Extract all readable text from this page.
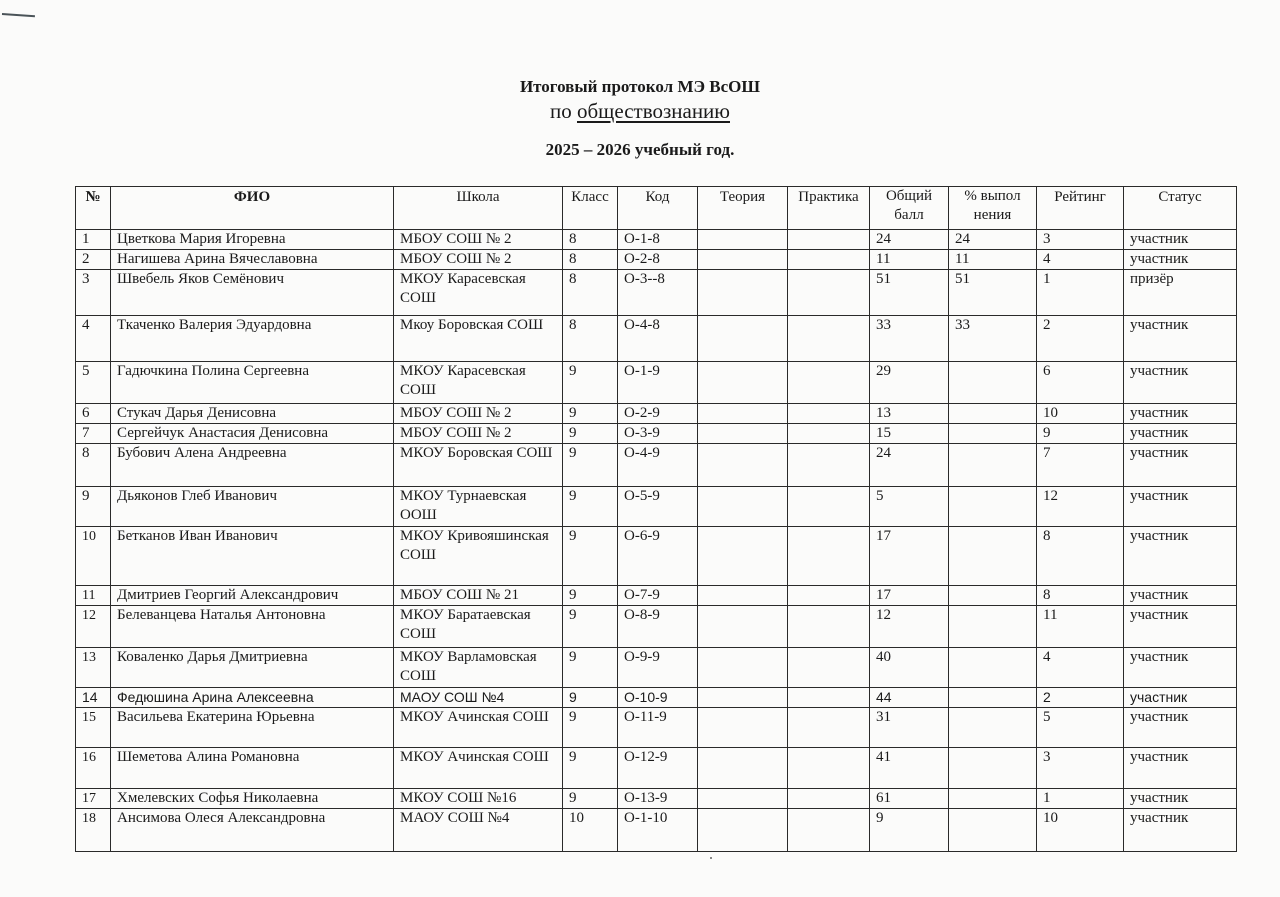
Итоговый протокол МЭ ВсОШ
по обществознанию
2025 – 2026 учебный год.
№	ФИО	Школа	Класс	Код	Теория	Практика	Общий балл	% выпол нения	Рейтинг	Статус
1	Цветкова Мария Игоревна	МБОУ СОШ № 2	8	О-1-8			24	24	3	участник
2	Нагишева Арина Вячеславовна	МБОУ СОШ № 2	8	О-2-8			11	11	4	участник
3	Швебель Яков Семёнович	МКОУ Карасевская СОШ	8	О-3--8			51	51	1	призёр
4	Ткаченко Валерия Эдуардовна	Мкоу Боровская СОШ	8	О-4-8			33	33	2	участник
5	Гадючкина Полина Сергеевна	МКОУ Карасевская СОШ	9	О-1-9			29		6	участник
6	Стукач Дарья Денисовна	МБОУ СОШ № 2	9	О-2-9			13		10	участник
7	Сергейчук Анастасия Денисовна	МБОУ СОШ № 2	9	О-3-9			15		9	участник
8	Бубович Алена Андреевна	МКОУ Боровская СОШ	9	О-4-9			24		7	участник
9	Дьяконов Глеб Иванович	МКОУ Турнаевская ООШ	9	О-5-9			5		12	участник
10	Бетканов Иван Иванович	МКОУ Кривояшинская СОШ	9	О-6-9			17		8	участник
11	Дмитриев Георгий Александрович	МБОУ СОШ № 21	9	О-7-9			17		8	участник
12	Белеванцева Наталья Антоновна	МКОУ Баратаевская СОШ	9	О-8-9			12		11	участник
13	Коваленко Дарья Дмитриевна	МКОУ Варламовская СОШ	9	О-9-9			40		4	участник
14	Федюшина Арина Алексеевна	МАОУ СОШ №4	9	О-10-9			44		2	участник
15	Васильева Екатерина Юрьевна	МКОУ Ачинская СОШ	9	О-11-9			31		5	участник
16	Шеметова Алина Романовна	МКОУ Ачинская СОШ	9	О-12-9			41		3	участник
17	Хмелевских Софья Николаевна	МКОУ СОШ №16	9	О-13-9			61		1	участник
18	Ансимова Олеся Александровна	МАОУ СОШ №4	10	О-1-10			9		10	участник
